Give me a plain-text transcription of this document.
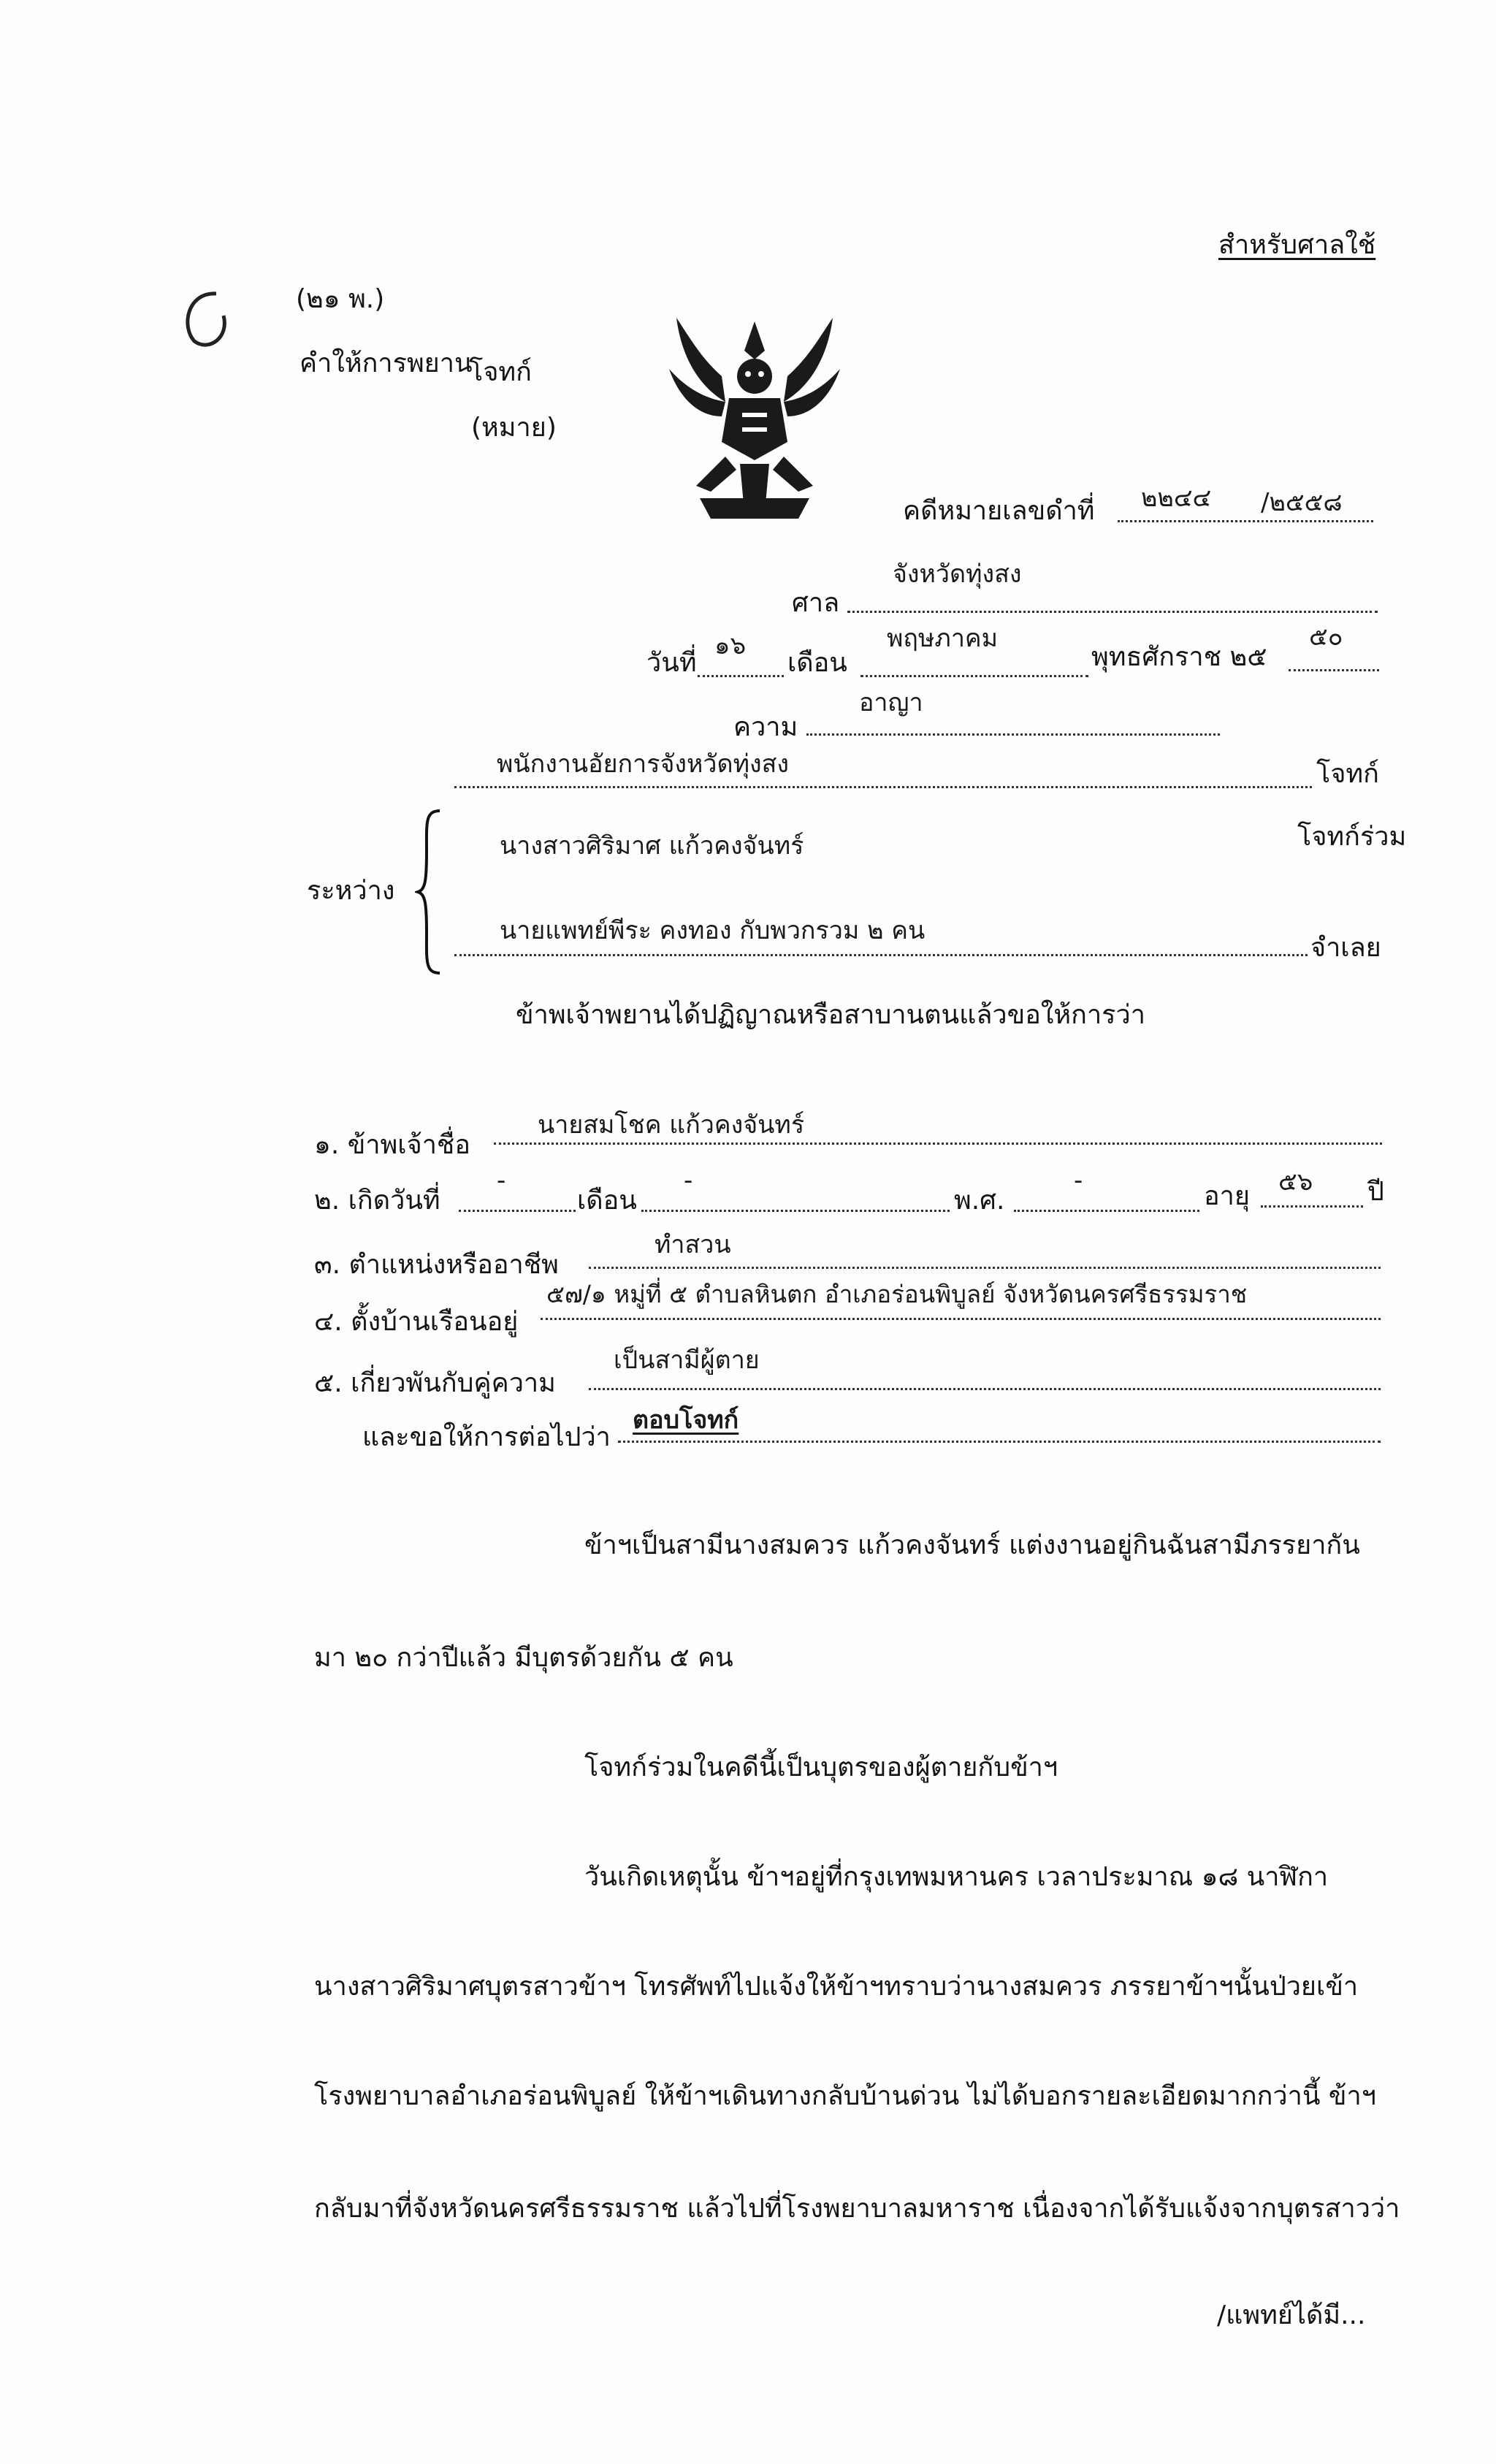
สำหรับศาลใช้
(๒๑ พ.)
คำให้การพยาน
โจทก์
(หมาย)
คดีหมายเลขดำที่ ๒๒๔๔ /๒๕๕๘
จังหวัดทุ่งสง
ศาล
วันที่
๑๖
เดือน
พฤษภาคม
พุทธศักราช ๒๕
๕๐
อาญา
ความ
พนักงานอัยการจังหวัดทุ่งสง	โจทก์
ระหว่าง
นางสาวศิริมาศ แก้วคงจันทร์	โจทก์ร่วม
นายแพทย์พีระ คงทอง กับพวกรวม ๒ คน
จำเลย
ข้าพเจ้าพยานได้ปฏิญาณหรือสาบานตนแล้วขอให้การว่า
๑. ข้าพเจ้าชื่อ
นายสมโชค แก้วคงจันทร์
๒. เกิดวันที่
-
เดือน
-
พ.ศ.
-
อายุ ๕๖ ปี
๓. ตำแหน่งหรืออาชีพ
ทำสวน
๔. ตั้งบ้านเรือนอยู่
๕๗/๑ หมู่ที่ ๕ ตำบลหินตก อำเภอร่อนพิบูลย์ จังหวัดนครศรีธรรมราช
๕. เกี่ยวพันกับคู่ความ
เป็นสามีผู้ตาย
และขอให้การต่อไปว่า
ตอบโจทก์
ข้าฯเป็นสามีนางสมควร แก้วคงจันทร์ แต่งงานอยู่กินฉันสามีภรรยากัน
มา ๒๐ กว่าปีแล้ว มีบุตรด้วยกัน ๕ คน
โจทก์ร่วมในคดีนี้เป็นบุตรของผู้ตายกับข้าฯ
วันเกิดเหตุนั้น ข้าฯอยู่ที่กรุงเทพมหานคร เวลาประมาณ ๑๘ นาฬิกา
นางสาวศิริมาศบุตรสาวข้าฯ โทรศัพท์ไปแจ้งให้ข้าฯทราบว่านางสมควร ภรรยาข้าฯนั้นป่วยเข้า
โรงพยาบาลอำเภอร่อนพิบูลย์ ให้ข้าฯเดินทางกลับบ้านด่วน ไม่ได้บอกรายละเอียดมากกว่านี้ ข้าฯ
กลับมาที่จังหวัดนครศรีธรรมราช แล้วไปที่โรงพยาบาลมหาราช เนื่องจากได้รับแจ้งจากบุตรสาวว่า
/แพทย์ได้มี...
